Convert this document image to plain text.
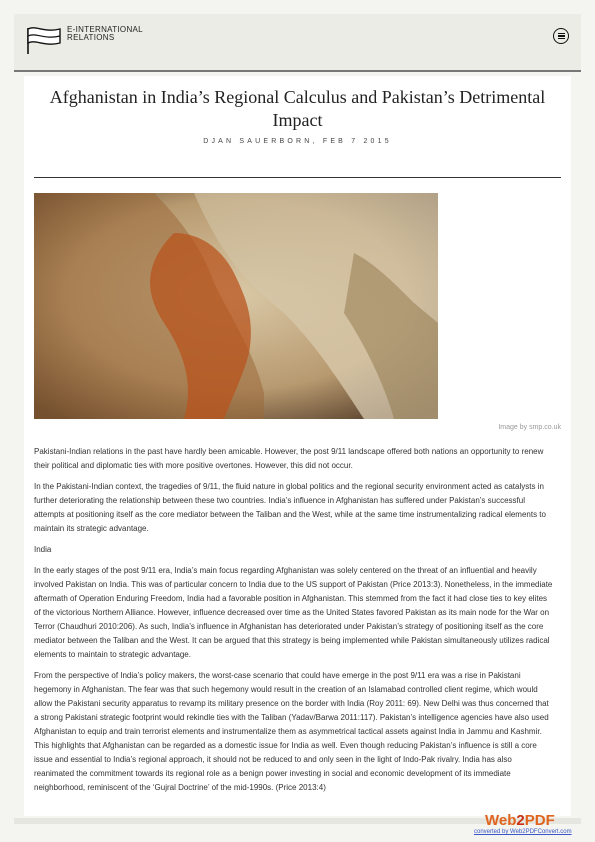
E-INTERNATIONAL RELATIONS
Afghanistan in India’s Regional Calculus and Pakistan’s Detrimental Impact
DJAN SAUERBORN, FEB 7 2015
Image by smp.co.uk

Pakistani-Indian relations in the past have hardly been amicable. However, the post 9/11 landscape offered both nations an opportunity to renew their political and diplomatic ties with more positive overtones. However, this did not occur.

In the Pakistani-Indian context, the tragedies of 9/11, the fluid nature in global politics and the regional security environment acted as catalysts in further deteriorating the relationship between these two countries. India’s influence in Afghanistan has suffered under Pakistan’s successful attempts at positioning itself as the core mediator between the Taliban and the West, while at the same time instrumentalizing radical elements to maintain its strategic advantage.

India

In the early stages of the post 9/11 era, India’s main focus regarding Afghanistan was solely centered on the threat of an influential and heavily involved Pakistan on India. This was of particular concern to India due to the US support of Pakistan (Price 2013:3). Nonetheless, in the immediate aftermath of Operation Enduring Freedom, India had a favorable position in Afghanistan. This stemmed from the fact it had close ties to key elites of the victorious Northern Alliance. However, influence decreased over time as the United States favored Pakistan as its main node for the War on Terror (Chaudhuri 2010:206). As such, India’s influence in Afghanistan has deteriorated under Pakistan’s strategy of positioning itself as the core mediator between the Taliban and the West. It can be argued that this strategy is being implemented while Pakistan simultaneously utilizes radical elements to maintain to strategic advantage.

From the perspective of India’s policy makers, the worst-case scenario that could have emerge in the post 9/11 era was a rise in Pakistani hegemony in Afghanistan. The fear was that such hegemony would result in the creation of an Islamabad controlled client regime, which would allow the Pakistani security apparatus to revamp its military presence on the border with India (Roy 2011: 69). New Delhi was thus concerned that a strong Pakistani strategic footprint would rekindle ties with the Taliban (Yadav/Barwa 2011:117). Pakistan’s intelligence agencies have also used Afghanistan to equip and train terrorist elements and instrumentalize them as asymmetrical tactical assets against India in Jammu and Kashmir. This highlights that Afghanistan can be regarded as a domestic issue for India as well. Even though reducing Pakistan’s influence is still a core issue and essential to India’s regional approach, it should not be reduced to and only seen in the light of Indo-Pak rivalry. India has also reanimated the commitment towards its regional role as a benign power investing in social and economic development of its immediate neighborhood, reminiscent of the ‘Gujral Doctrine’ of the mid-1990s. (Price 2013:4)

Web2PDF
converted by Web2PDFConvert.com
